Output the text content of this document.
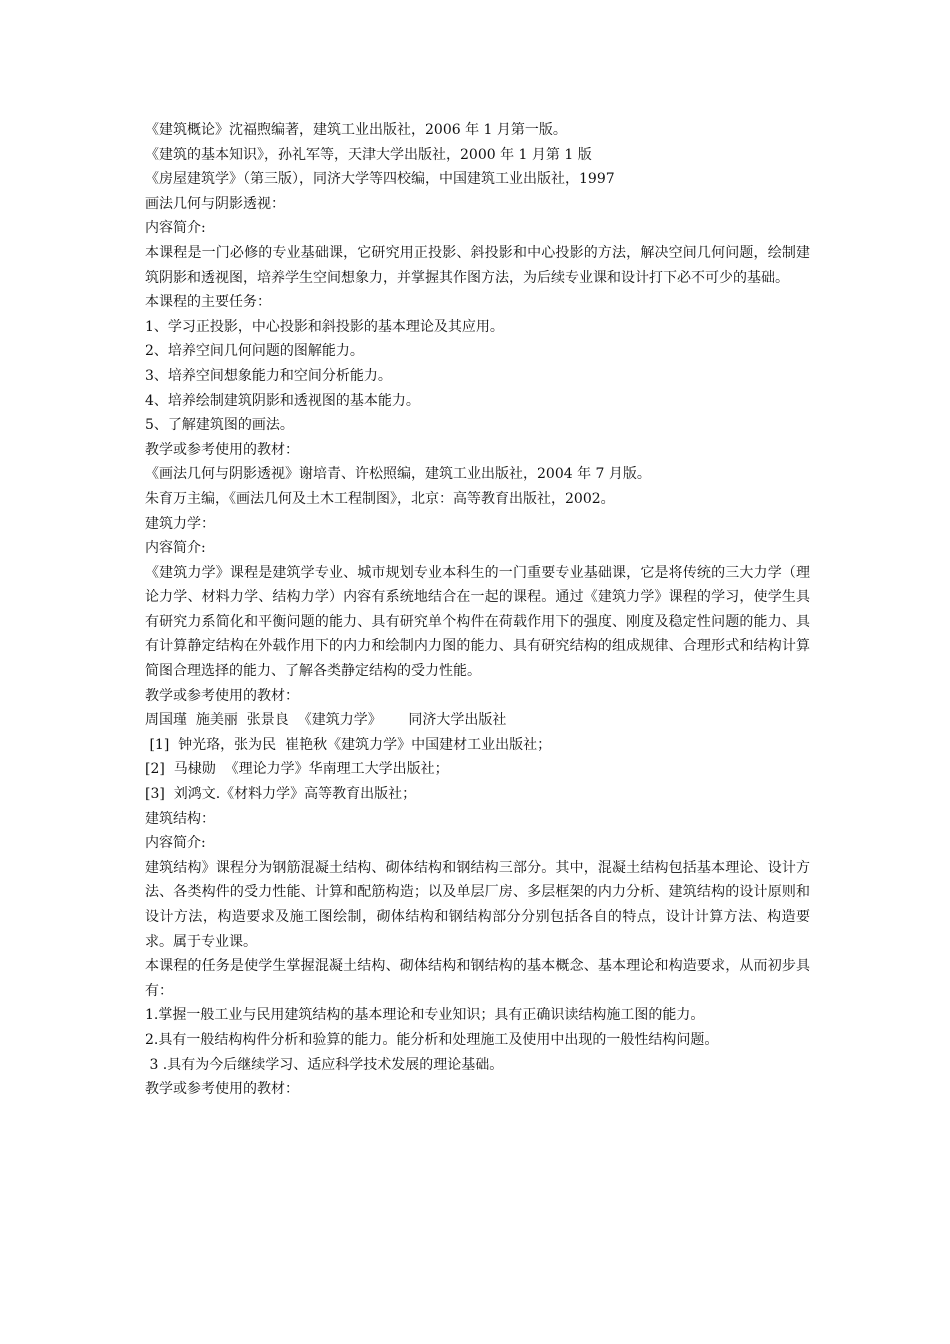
《建筑概论》沈福煦编著，建筑工业出版社，2006 年 1 月第一版。

《建筑的基本知识》，孙礼军等，天津大学出版社，2000 年 1 月第 1 版

《房屋建筑学》（第三版），同济大学等四校编，中国建筑工业出版社，1997

画法几何与阴影透视：

内容简介:

本课程是一门必修的专业基础课，它研究用正投影、斜投影和中心投影的方法，解决空间几何问题，绘制建筑阴影和透视图，培养学生空间想象力，并掌握其作图方法，为后续专业课和设计打下必不可少的基础。

本课程的主要任务：

1、学习正投影，中心投影和斜投影的基本理论及其应用。

2、培养空间几何问题的图解能力。

3、培养空间想象能力和空间分析能力。

4、培养绘制建筑阴影和透视图的基本能力。

5、了解建筑图的画法。

教学或参考使用的教材：

《画法几何与阴影透视》谢培青、许松照编，建筑工业出版社，2004 年 7 月版。

朱育万主编，《画法几何及土木工程制图》，北京：高等教育出版社，2002。

建筑力学：

内容简介:

《建筑力学》课程是建筑学专业、城市规划专业本科生的一门重要专业基础课，它是将传统的三大力学（理论力学、材料力学、结构力学）内容有系统地结合在一起的课程。通过《建筑力学》课程的学习，使学生具有研究力系简化和平衡问题的能力、具有研究单个构件在荷载作用下的强度、刚度及稳定性问题的能力、具有计算静定结构在外载作用下的内力和绘制内力图的能力、具有研究结构的组成规律、合理形式和结构计算简图合理选择的能力、了解各类静定结构的受力性能。

教学或参考使用的教材：

周国瑾  施美丽  张景良  《建筑力学》      同济大学出版社

[1]  钟光珞，张为民  崔艳秋《建筑力学》中国建材工业出版社；

[2]  马棣勋  《理论力学》华南理工大学出版社；

[3]  刘鸿文.《材料力学》高等教育出版社；

建筑结构：

内容简介:

建筑结构》课程分为钢筋混凝土结构、砌体结构和钢结构三部分。其中，混凝土结构包括基本理论、设计方法、各类构件的受力性能、计算和配筋构造；以及单层厂房、多层框架的内力分析、建筑结构的设计原则和设计方法，构造要求及施工图绘制，砌体结构和钢结构部分分别包括各自的特点，设计计算方法、构造要求。属于专业课。

本课程的任务是使学生掌握混凝土结构、砌体结构和钢结构的基本概念、基本理论和构造要求，从而初步具有：

1.掌握一般工业与民用建筑结构的基本理论和专业知识；具有正确识读结构施工图的能力。

2.具有一般结构构件分析和验算的能力。能分析和处理施工及使用中出现的一般性结构问题。

3 .具有为今后继续学习、适应科学技术发展的理论基础。

教学或参考使用的教材：
